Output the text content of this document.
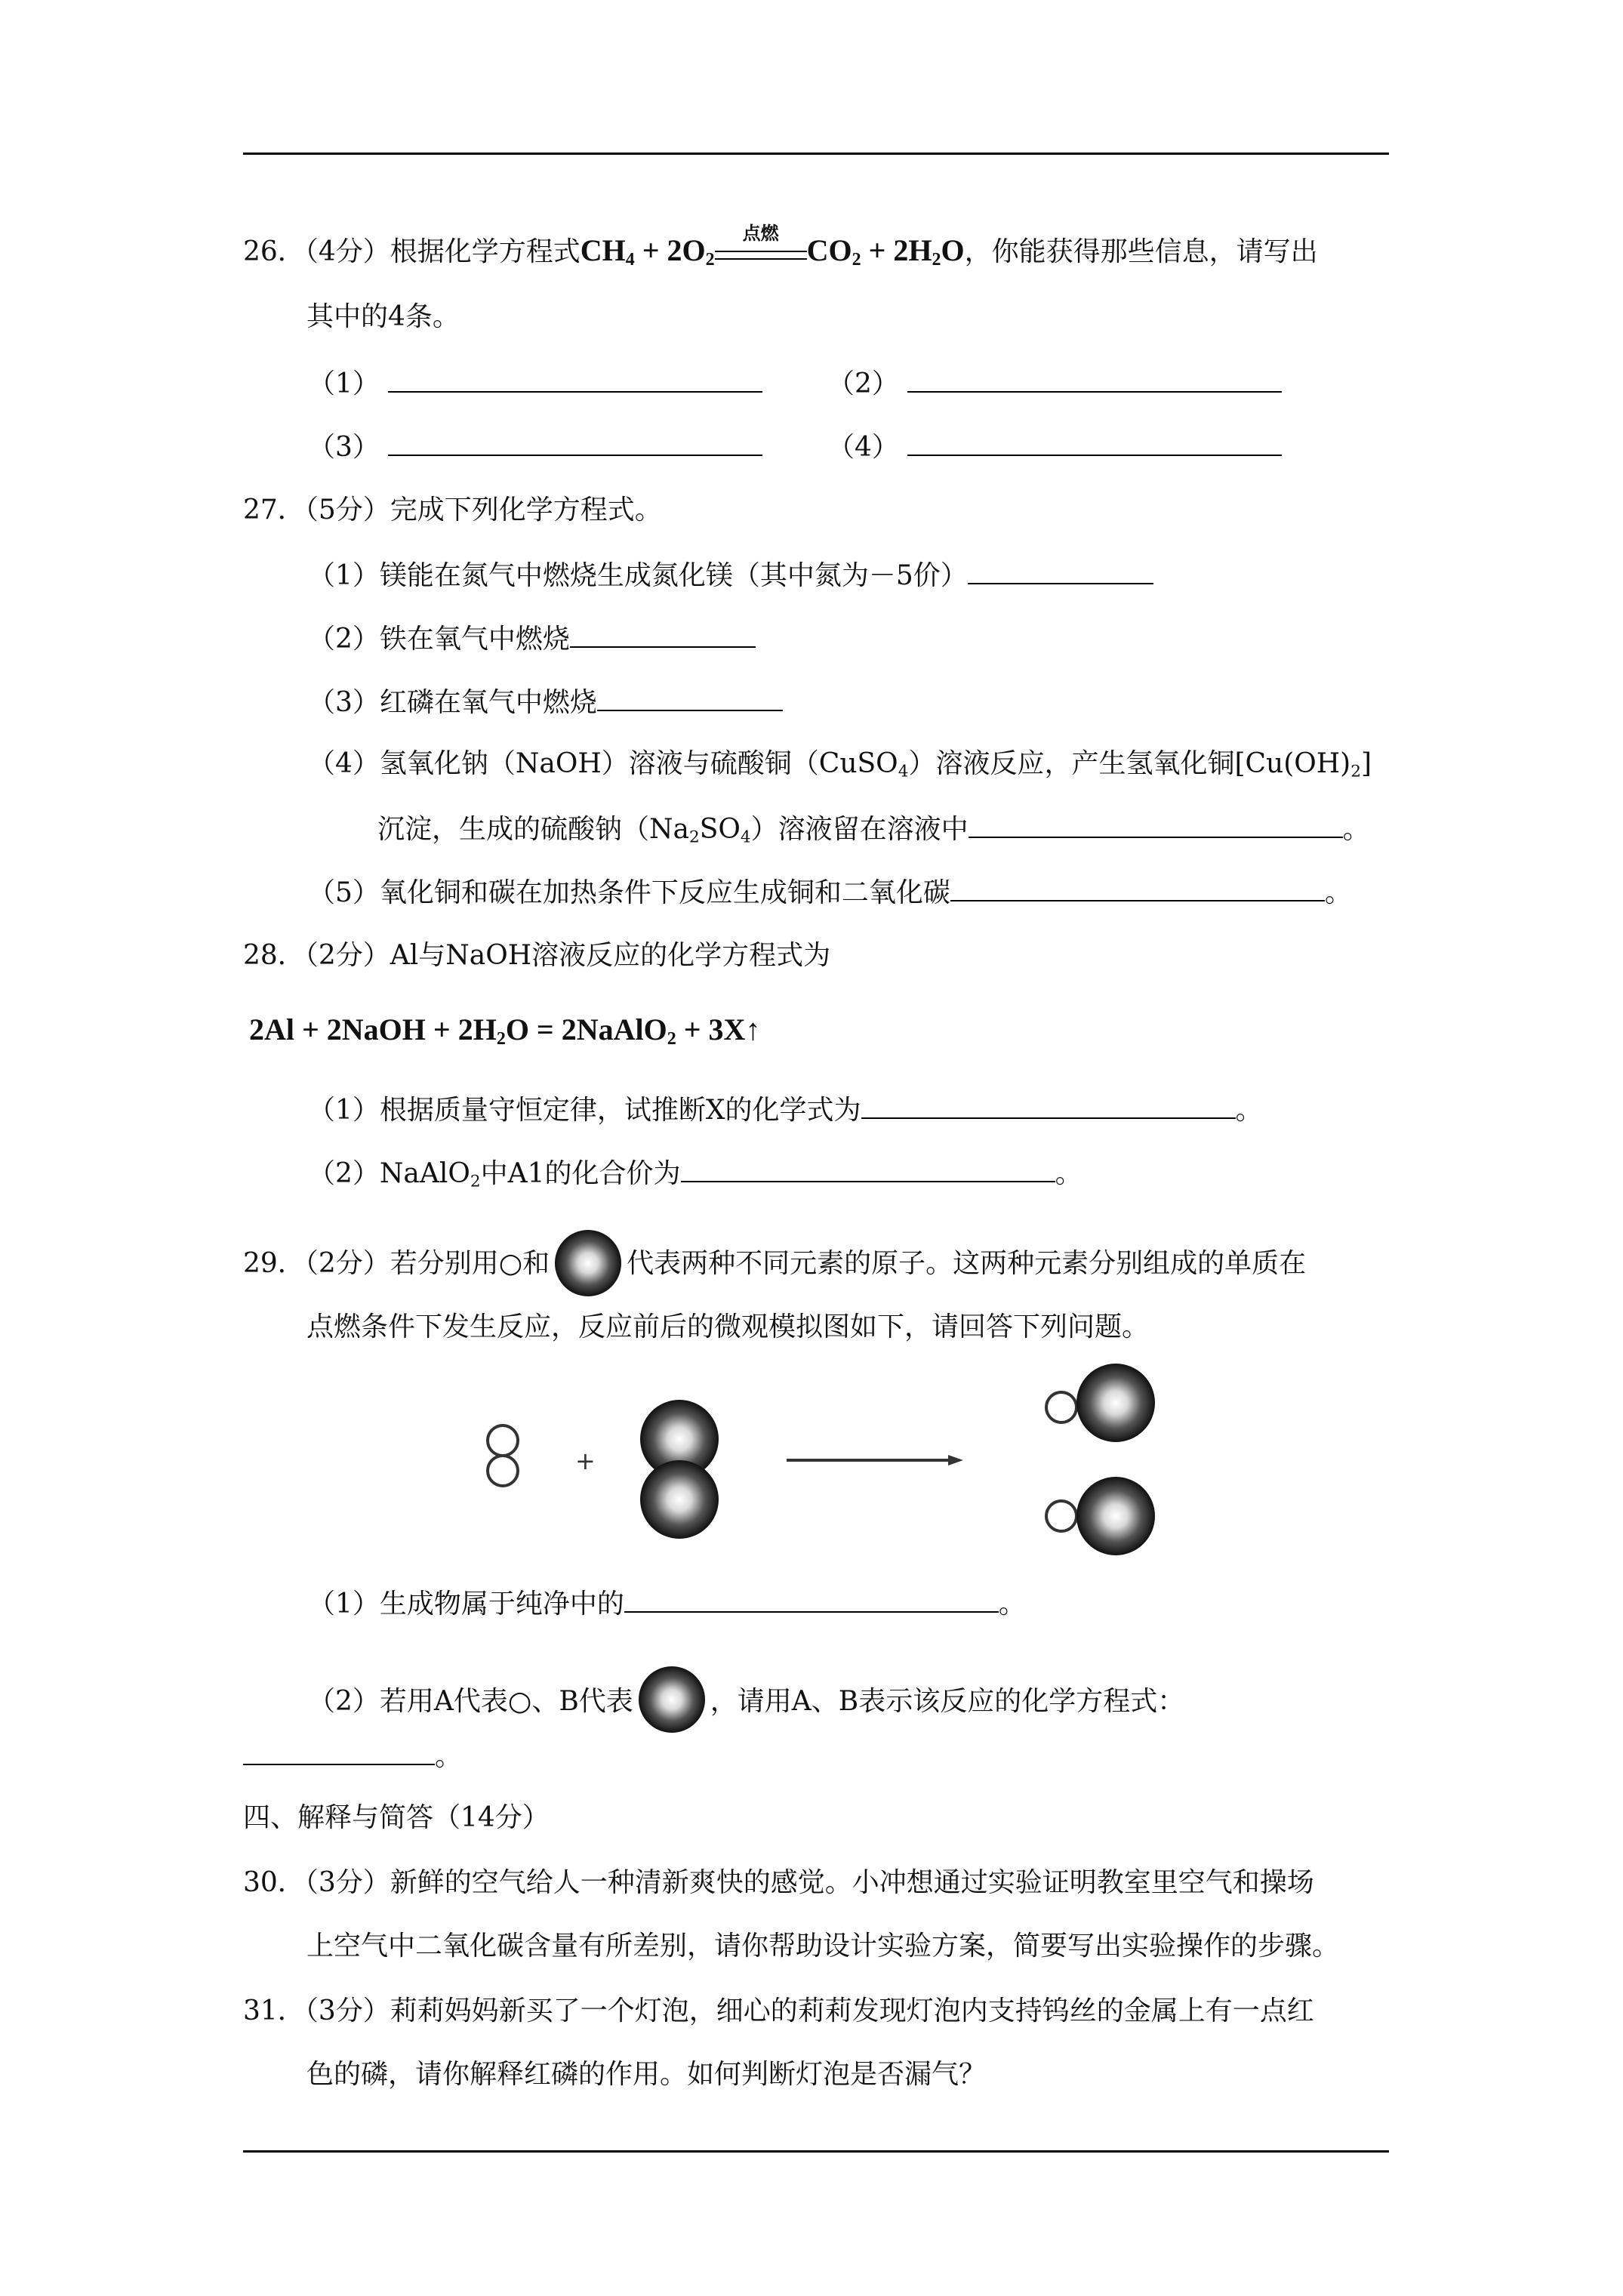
26．（4分）根据化学方程式$CH_4 + 2O_2$
点燃 $CO_2 + 2H_2O$，你能获得那些信息，请写出
其中的4条。
（1）	（2）
（3）	（4）
27．（5分）完成下列化学方程式。
（1）镁能在氮气中燃烧生成氮化镁（其中氮为－5价）
（2）铁在氧气中燃烧
（3）红磷在氧气中燃烧
（4）氢氧化钠（NaOH）溶液与硫酸铜（CuSO$_4$）溶液反应，产生氢氧化铜$[Cu(OH)_2]$
沉淀，生成的硫酸钠$(Na_2SO_4)$溶液留在溶液中	。
（5）氧化铜和碳在加热条件下反应生成铜和二氧化碳	。
28．（2分）Al与NaOH溶液反应的化学方程式为
2Al + 2NaOH + $2H_2O$ = 2NaAlO$_2$ + 3X↑
（1）根据质量守恒定律，试推断X的化学式为	。
（2）NaAlO$_2$中A1的化合价为	。
29．（2分）若分别用○和	代表两种不同元素的原子。这两种元素分别组成的单质在
点燃条件下发生反应，反应前后的微观模拟图如下，请回答下列问题。
+
（1）生成物属于纯净中的	。
（2）若用A代表○、B代表	，请用A、B表示该反应的化学方程式：
。
四、解释与简答（14分）
30．（3分）新鲜的空气给人一种清新爽快的感觉。小冲想通过实验证明教室里空气和操场
上空气中二氧化碳含量有所差别，请你帮助设计实验方案，简要写出实验操作的步骤。
31．（3分）莉莉妈妈新买了一个灯泡，细心的莉莉发现灯泡内支持钨丝的金属上有一点红
色的磷，请你解释红磷的作用。如何判断灯泡是否漏气？
